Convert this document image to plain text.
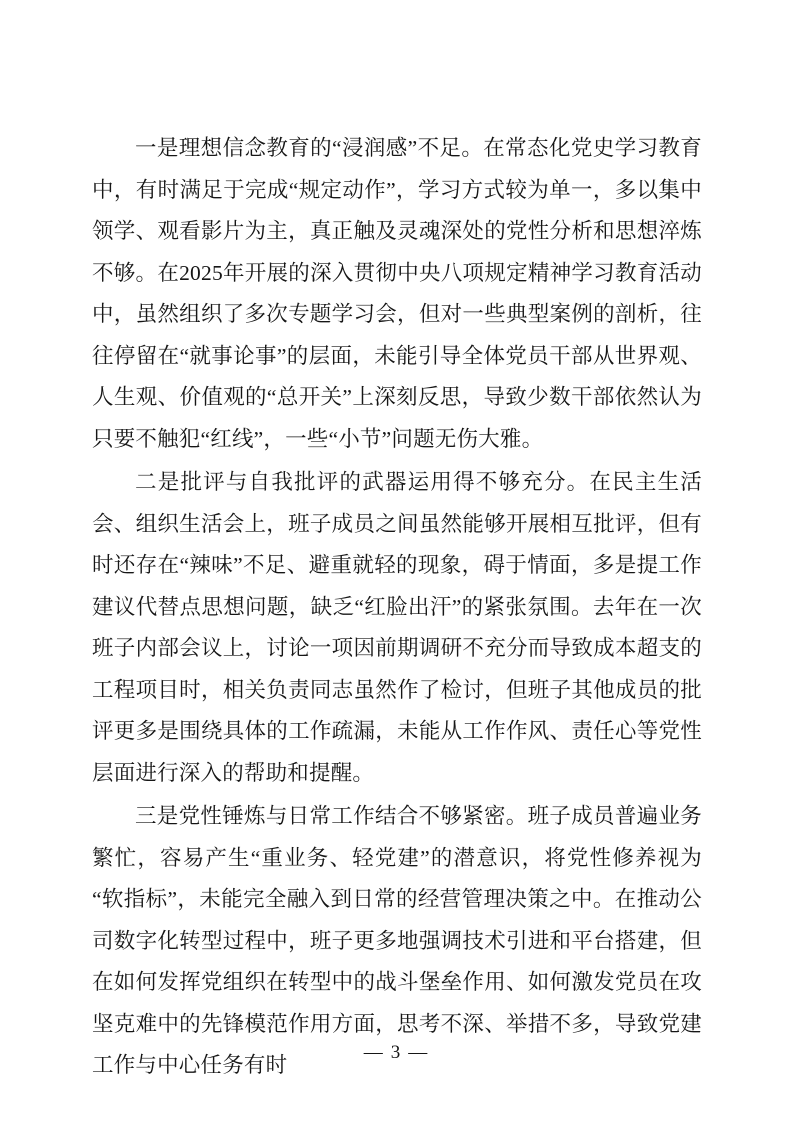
一是理想信念教育的“浸润感”不足。在常态化党史学习教育中，有时满足于完成“规定动作”，学习方式较为单一，多以集中领学、观看影片为主，真正触及灵魂深处的党性分析和思想淬炼不够。在2025年开展的深入贯彻中央八项规定精神学习教育活动中，虽然组织了多次专题学习会，但对一些典型案例的剖析，往往停留在“就事论事”的层面，未能引导全体党员干部从世界观、人生观、价值观的“总开关”上深刻反思，导致少数干部依然认为只要不触犯“红线”，一些“小节”问题无伤大雅。

二是批评与自我批评的武器运用得不够充分。在民主生活会、组织生活会上，班子成员之间虽然能够开展相互批评，但有时还存在“辣味”不足、避重就轻的现象，碍于情面，多是提工作建议代替点思想问题，缺乏“红脸出汗”的紧张氛围。去年在一次班子内部会议上，讨论一项因前期调研不充分而导致成本超支的工程项目时，相关负责同志虽然作了检讨，但班子其他成员的批评更多是围绕具体的工作疏漏，未能从工作作风、责任心等党性层面进行深入的帮助和提醒。

三是党性锤炼与日常工作结合不够紧密。班子成员普遍业务繁忙，容易产生“重业务、轻党建”的潜意识，将党性修养视为“软指标”，未能完全融入到日常的经营管理决策之中。在推动公司数字化转型过程中，班子更多地强调技术引进和平台搭建，但在如何发挥党组织在转型中的战斗堡垒作用、如何激发党员在攻坚克难中的先锋模范作用方面，思考不深、举措不多，导致党建工作与中心任务有时

— 3 —
